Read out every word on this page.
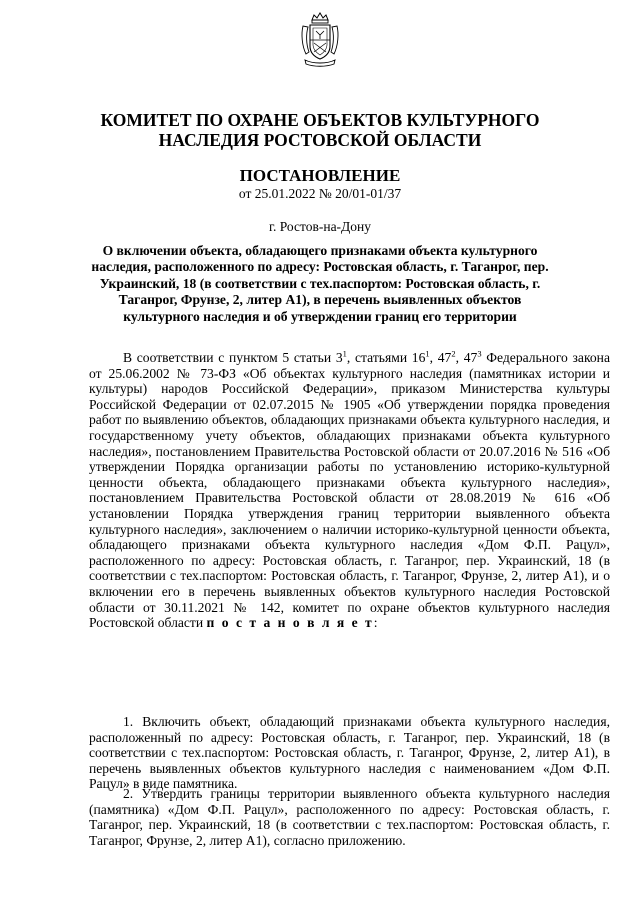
КОМИТЕТ ПО ОХРАНЕ ОБЪЕКТОВ КУЛЬТУРНОГО
НАСЛЕДИЯ РОСТОВСКОЙ ОБЛАСТИ
ПОСТАНОВЛЕНИЕ
от 25.01.2022 № 20/01-01/37
г. Ростов-на-Дону
О включении объекта, обладающего признаками объекта культурного наследия, расположенного по адресу: Ростовская область, г. Таганрог, пер. Украинский, 18 (в соответствии с тех.паспортом: Ростовская область, г. Таганрог, Фрунзе, 2, литер А1), в перечень выявленных объектов культурного наследия и об утверждении границ его территории
В соответствии с пунктом 5 статьи $3^1$, статьями $16^1$, $47^2$, $47^3$ Федерального закона от 25.06.2002 № 73-ФЗ «Об объектах культурного наследия (памятниках истории и культуры) народов Российской Федерации», приказом Министерства культуры Российской Федерации от 02.07.2015 № 1905 «Об утверждении порядка проведения работ по выявлению объектов, обладающих признаками объекта культурного наследия, и государственному учету объектов, обладающих признаками объекта культурного наследия», постановлением Правительства Ростовской области от 20.07.2016 № 516 «Об утверждении Порядка организации работы по установлению историко-культурной ценности объекта, обладающего признаками объекта культурного наследия», постановлением Правительства Ростовской области от 28.08.2019 № 616 «Об установлении Порядка утверждения границ территории выявленного объекта культурного наследия», заключением о наличии историко-культурной ценности объекта, обладающего признаками объекта культурного наследия «Дом Ф.П. Рацул», расположенного по адресу: Ростовская область, г. Таганрог, пер. Украинский, 18 (в соответствии с тех.паспортом: Ростовская область, г. Таганрог, Фрунзе, 2, литер А1), и о включении его в перечень выявленных объектов культурного наследия Ростовской области от 30.11.2021 № 142, комитет по охране объектов культурного наследия Ростовской области п о с т а н о в л я е т:
1. Включить объект, обладающий признаками объекта культурного наследия, расположенный по адресу: Ростовская область, г. Таганрог, пер. Украинский, 18 (в соответствии с тех.паспортом: Ростовская область, г. Таганрог, Фрунзе, 2, литер А1), в перечень выявленных объектов культурного наследия с наименованием «Дом Ф.П. Рацул» в виде памятника.
2. Утвердить границы территории выявленного объекта культурного наследия (памятника) «Дом Ф.П. Рацул», расположенного по адресу: Ростовская область, г. Таганрог, пер. Украинский, 18 (в соответствии с тех.паспортом: Ростовская область, г. Таганрог, Фрунзе, 2, литер А1), согласно приложению.
